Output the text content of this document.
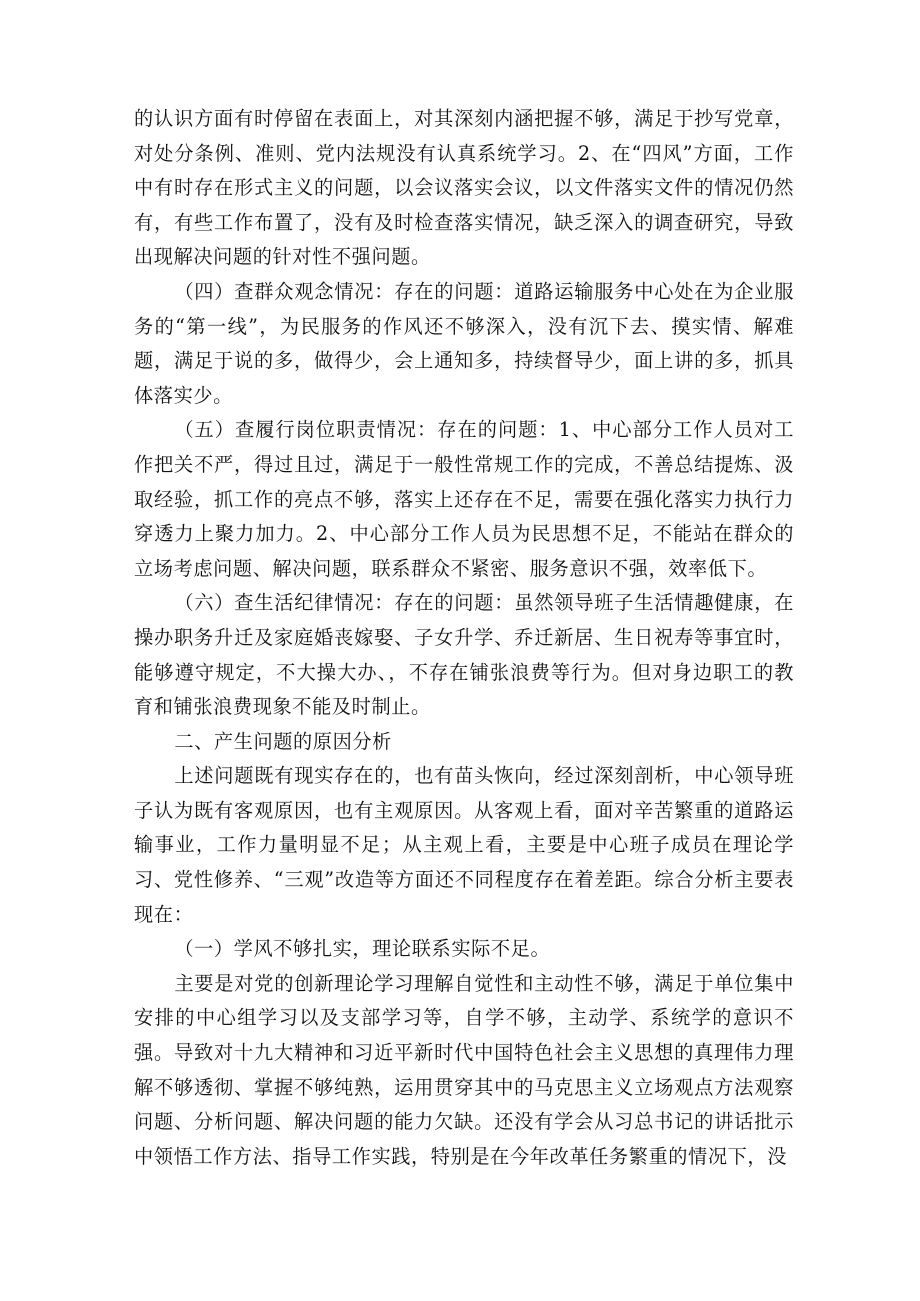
的认识方面有时停留在表面上，对其深刻内涵把握不够，满足于抄写党章，对处分条例、准则、党内法规没有认真系统学习。2、在“四风”方面，工作中有时存在形式主义的问题，以会议落实会议，以文件落实文件的情况仍然有，有些工作布置了，没有及时检查落实情况，缺乏深入的调查研究，导致出现解决问题的针对性不强问题。

（四）查群众观念情况：存在的问题：道路运输服务中心处在为企业服务的“第一线”，为民服务的作风还不够深入，没有沉下去、摸实情、解难题，满足于说的多，做得少，会上通知多，持续督导少，面上讲的多，抓具体落实少。

（五）查履行岗位职责情况：存在的问题：1、中心部分工作人员对工作把关不严，得过且过，满足于一般性常规工作的完成，不善总结提炼、汲取经验，抓工作的亮点不够，落实上还存在不足，需要在强化落实力执行力穿透力上聚力加力。2、中心部分工作人员为民思想不足，不能站在群众的立场考虑问题、解决问题，联系群众不紧密、服务意识不强，效率低下。

（六）查生活纪律情况：存在的问题：虽然领导班子生活情趣健康，在操办职务升迁及家庭婚丧嫁娶、子女升学、乔迁新居、生日祝寿等事宜时，能够遵守规定，不大操大办、，不存在铺张浪费等行为。但对身边职工的教育和铺张浪费现象不能及时制止。

二、产生问题的原因分析

上述问题既有现实存在的，也有苗头恢向，经过深刻剖析，中心领导班子认为既有客观原因，也有主观原因。从客观上看，面对辛苦繁重的道路运输事业，工作力量明显不足；从主观上看，主要是中心班子成员在理论学习、党性修养、“三观”改造等方面还不同程度存在着差距。综合分析主要表现在：

（一）学风不够扎实，理论联系实际不足。

主要是对党的创新理论学习理解自觉性和主动性不够，满足于单位集中安排的中心组学习以及支部学习等，自学不够，主动学、系统学的意识不强。导致对十九大精神和习近平新时代中国特色社会主义思想的真理伟力理解不够透彻、掌握不够纯熟，运用贯穿其中的马克思主义立场观点方法观察问题、分析问题、解决问题的能力欠缺。还没有学会从习总书记的讲话批示中领悟工作方法、指导工作实践，特别是在今年改革任务繁重的情况下，没
